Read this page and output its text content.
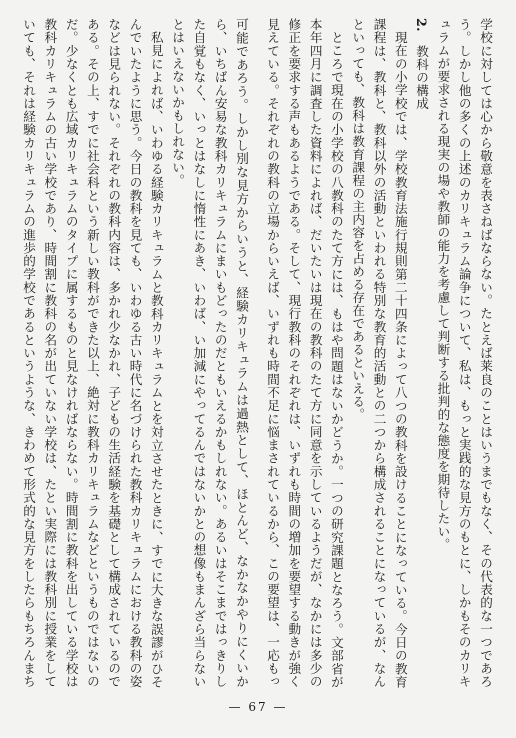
学校に対しては心から敬意を表さねばならない。たとえば莱良のことはいうまでもなく、その代表的な一つであろう。しかし他の多くの上述のカリキュラム論争について、私は、もっと実践的な見方のもとに、しかもそのカリキュラムが要求される現実の場や教師の能力を考慮して判断する批判的な態度を期待したい。
2.　教科の構成
現在の小学校では、学校教育法施行規則第二十四条によって八つの教科を設けることになっている。今日の教育課程は、教科と、教科以外の活動といわれる特別な教育的活動との二つから構成されることになっているが、なんといっても、教科は教育課程の主内容を占める存在であるといえる。
ところで現在の小学校の八教科のたて方には、もはや問題はないかどうか。一つの研究課題となろう。文部省が本年四月に調査した資料によれば、だいたいは現在の教科のたて方に同意を示しているようだが、なかには多少の修正を要求する声もあるようである。そして、現行教科のそれぞれは、いずれも時間の増加を要望する動きが強く見えている。それぞれの教科の立場からいえば、いずれも時間不足に悩まされているから、この要望は、一応もっ
可能であろう。しかし別な見方からいうと、経験カリキュラムは過熱として、ほとんど、なかなかやりにくいから、いちばん安易な教科カリキュラムにまいもどったのだともいえるかもしれない。あるいはそこまではっきりした自覚もなく、いっとはなしに惰性にあき、いわば、い加減にやってるんではないかとの想像もまんざら当らないとはいえないかもしれない。
私見によれば、いわゆる経験カリキュラムと教科カリキュラムとを対立させたときに、すでに大きな誤謬がひそんでいたように思う。今日の教科を見ても、いわゆる古い時代に名づけられた教科カリキュラムにおける教科の姿などは見られない。それぞれの教科内容は、多かれ少なかれ、子どもの生活経験を基礎として構成されているのである。その上、すでに社会科という新しい教科ができた以上、絶対に教科カリキュラムなどというものではないのだ。少なくとも広域カリキュラムのタイプに属するものと見なければならない。時間割に教科を出している学校は教科カリキュラムの古い学校であり、時間割に教科の名が出ていない学校は、たとい実際には教科別に授業をしていても、それは経験カリキュラムの進歩的学校であるというような、きわめて形式的な見方をしたらもちろんまち
— 67 —
